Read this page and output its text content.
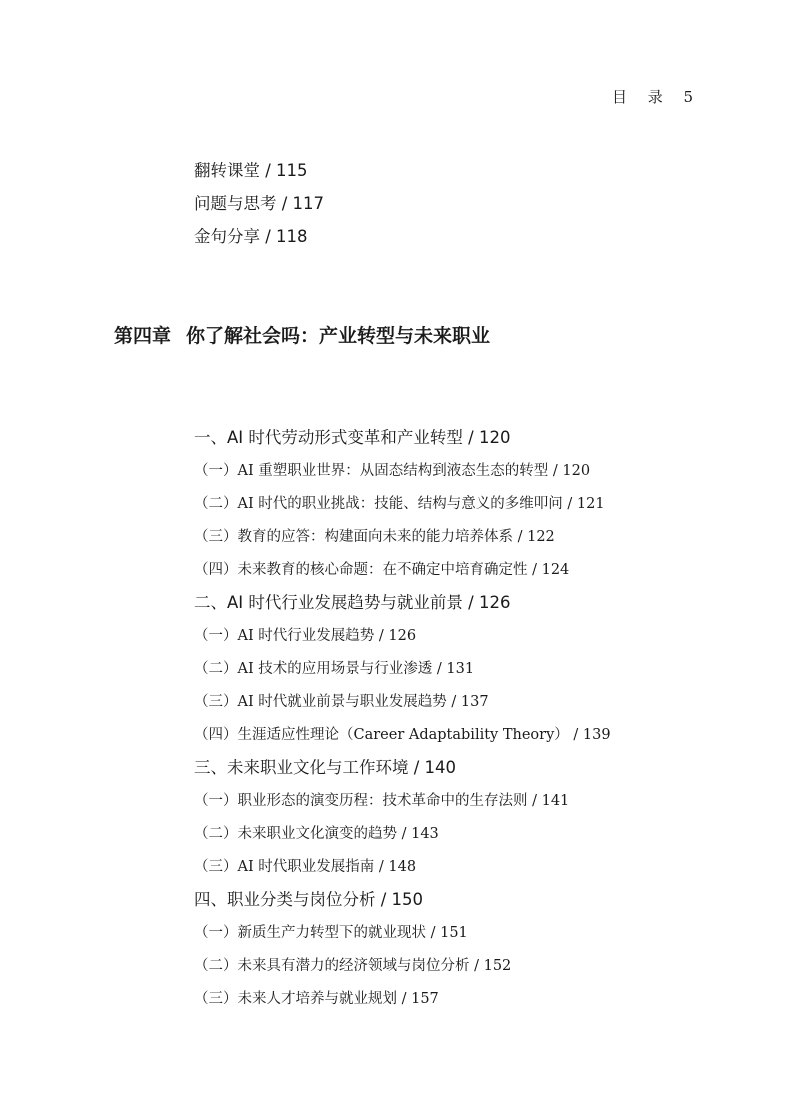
目 录 5
翻转课堂 / 115
问题与思考 / 117
金句分享 / 118
第四章 你了解社会吗：产业转型与未来职业
一、AI 时代劳动形式变革和产业转型 / 120
（一）AI 重塑职业世界：从固态结构到液态生态的转型 / 120
（二）AI 时代的职业挑战：技能、结构与意义的多维叩问 / 121
（三）教育的应答：构建面向未来的能力培养体系 / 122
（四）未来教育的核心命题：在不确定中培育确定性 / 124
二、AI 时代行业发展趋势与就业前景 / 126
（一）AI 时代行业发展趋势 / 126
（二）AI 技术的应用场景与行业渗透 / 131
（三）AI 时代就业前景与职业发展趋势 / 137
（四）生涯适应性理论（Career Adaptability Theory） / 139
三、未来职业文化与工作环境 / 140
（一）职业形态的演变历程：技术革命中的生存法则 / 141
（二）未来职业文化演变的趋势 / 143
（三）AI 时代职业发展指南 / 148
四、职业分类与岗位分析 / 150
（一）新质生产力转型下的就业现状 / 151
（二）未来具有潜力的经济领域与岗位分析 / 152
（三）未来人才培养与就业规划 / 157
